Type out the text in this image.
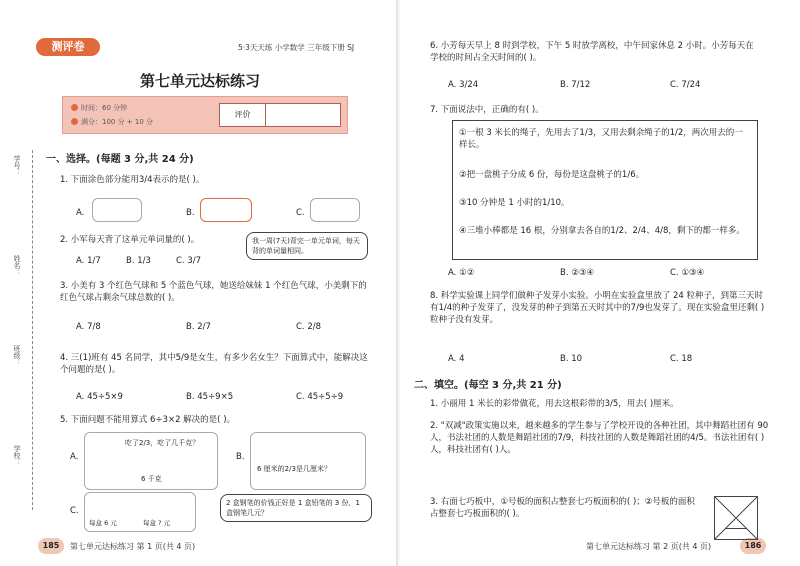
测评卷	5·3天天练 小学数学 三年级下册 SJ
第七单元达标练习
时间：60 分钟
满分：100 分 + 10 分
评价
学号：
姓名：
班级：
学校：
一、选择。(每题 3 分,共 24 分)
1. 下面涂色部分能用3/4表示的是( )。
A.	B.	C.
2. 小军每天背了这单元单词量的( )。	我一周(7天)背完一单元单词，每天背的单词量相同。
A. 1/7	B. 1/3	C. 3/7
3. 小美有 3 个红色气球和 5 个蓝色气球，她送给妹妹 1 个红色气球，小美剩下的红色气球占剩余气球总数的( )。
A. 7/8	B. 2/7	C. 2/8
4. 三(1)班有 45 名同学，其中5/9是女生，有多少名女生？下面算式中，能解决这个问题的是( )。
A. 45÷5×9	B. 45÷9×5	C. 45÷5÷9
5. 下面问题不能用算式 6÷3×2 解决的是( )。
A.
吃了2/3，吃了几千克？
6 千克
B.
6 厘米的2/3是几厘米？
C.
每盒 6 元	每盒 ? 元
2 盒钢笔的价钱正好是 1 盒铅笔的 3 份，1 盒钢笔几元？
185	第七单元达标练习 第 1 页(共 4 页)
6. 小芳每天早上 8 时到学校，下午 5 时放学离校，中午回家休息 2 小时。小芳每天在学校的时间占全天时间的( )。
A. 3/24	B. 7/12	C. 7/24
7. 下面说法中，正确的有( )。
A. ①②	B. ②③④	C. ①③④
8. 科学实验课上同学们做种子发芽小实验。小明在实验盒里放了 24 粒种子，到第三天时有1/4的种子发芽了，没发芽的种子到第五天时其中的7/9也发芽了。现在实验盒里还剩( )粒种子没有发芽。
A. 4	B. 10	C. 18
二、填空。(每空 3 分,共 21 分)
1. 小丽用 1 米长的彩带做花，用去这根彩带的3/5，用去( )厘米。
2. "双减"政策实施以来，越来越多的学生参与了学校开设的各种社团，其中舞蹈社团有 90 人，书法社团的人数是舞蹈社团的7/9，科技社团的人数是舞蹈社团的4/5。书法社团有( )人，科技社团有( )人。
3. 右面七巧板中，①号板的面积占整套七巧板面积的( )；②号板的面积占整套七巧板面积的( )。
第七单元达标练习 第 2 页(共 4 页)	186
①一根 3 米长的绳子，先用去了1/3，又用去剩余绳子的1/2，两次用去的一样长。
②把一盘桃子分成 6 份，每份是这盘桃子的1/6。
③10 分钟是 1 小时的1/10。
④三堆小棒都是 16 根，分别拿去各自的1/2、2/4、4/8，剩下的都一样多。
